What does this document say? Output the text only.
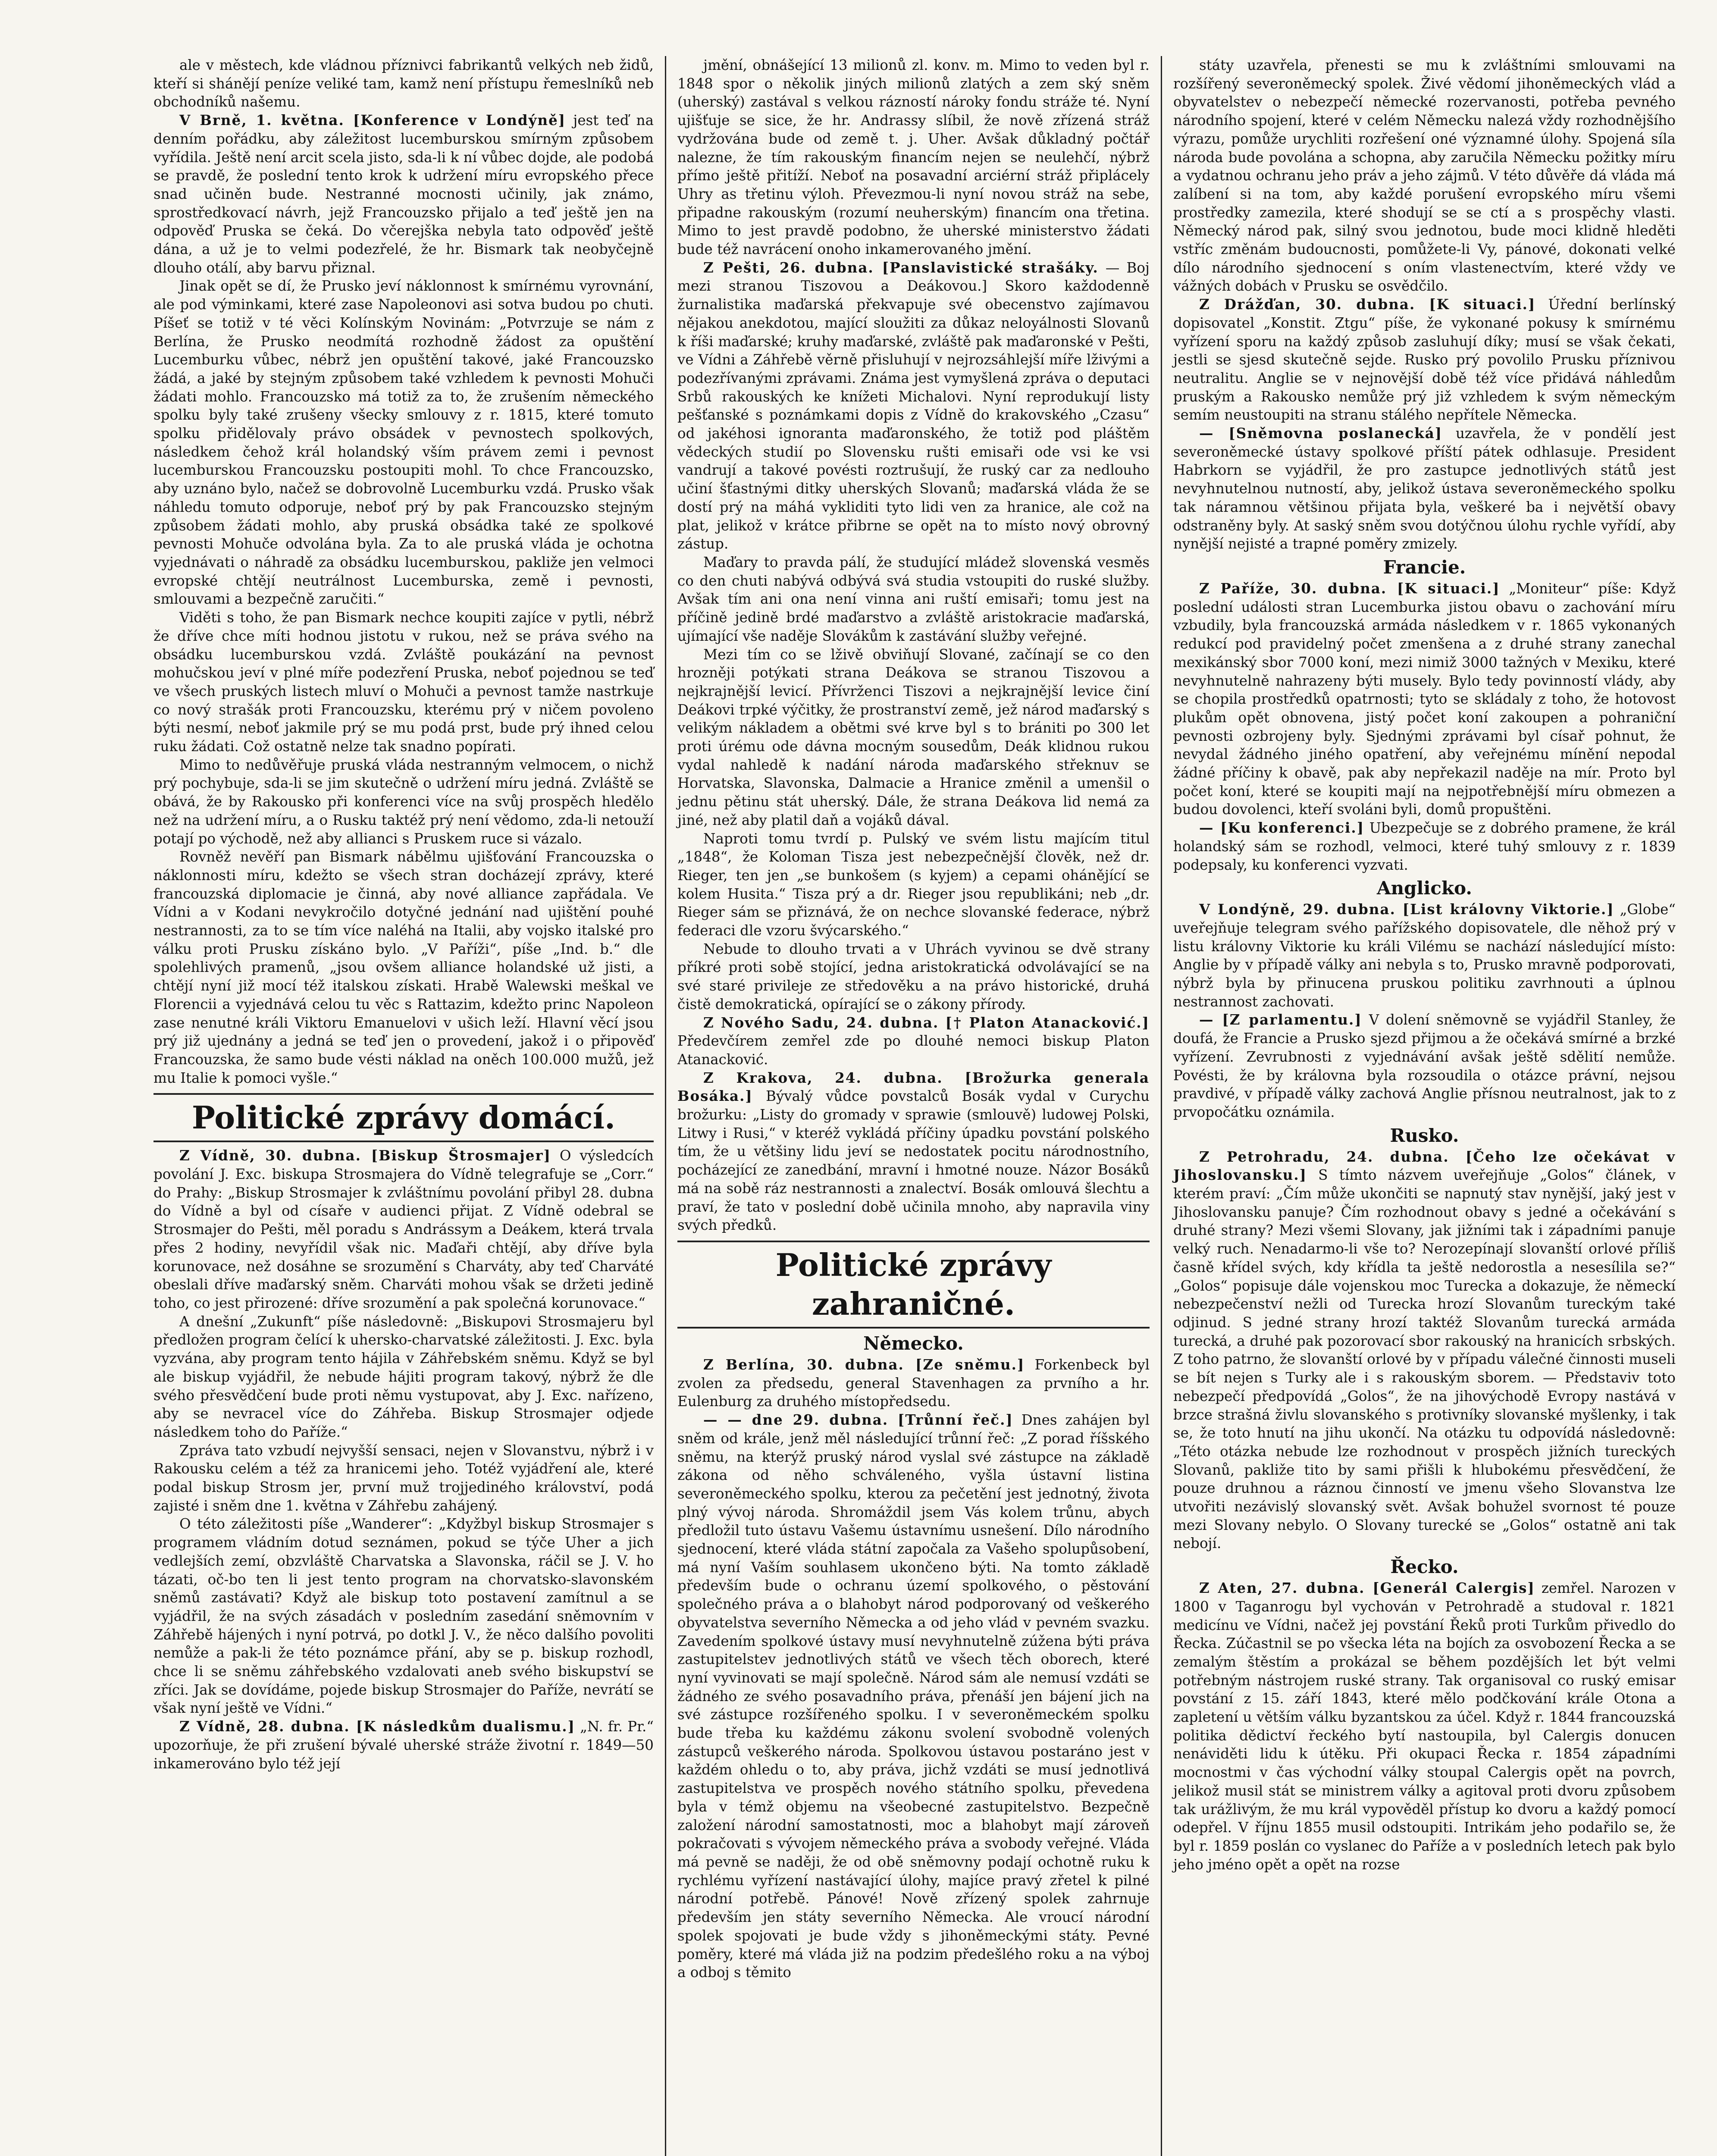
ale v městech, kde vládnou příznivci fabrikantů velkých neb židů, kteří si shánějí peníze veliké tam, kamž není přístupu řemeslníků neb obchodníků našemu.

V Brně, 1. května. [Konference v Londýně] jest teď na denním pořádku, aby záležitost lucemburskou smírným způsobem vyřídila. Ještě není arcit scela jisto, sda-li k ní vůbec dojde, ale podobá se pravdě, že poslední tento krok k udržení míru evropského přece snad učiněn bude. Nestranné mocnosti učinily, jak známo, sprostředkovací návrh, jejž Francouzsko přijalo a teď ještě jen na odpověď Pruska se čeká. Do včerejška nebyla tato odpověď ještě dána, a už je to velmi podezřelé, že hr. Bismark tak neobyčejně dlouho otálí, aby barvu přiznal.

Jinak opět se dí, že Prusko jeví náklonnost k smírnému vyrovnání, ale pod výminkami, které zase Napoleonovi asi sotva budou po chuti. Píšeť se totiž v té věci Kolínským Novinám: „Potvrzuje se nám z Berlína, že Prusko neodmítá rozhodně žádost za opuštění Lucemburku vůbec, nébrž jen opuštění takové, jaké Francouzsko žádá, a jaké by stejným způsobem také vzhledem k pevnosti Mohuči žádati mohlo. Francouzsko má totiž za to, že zrušením německého spolku byly také zrušeny všecky smlouvy z r. 1815, které tomuto spolku přidělovaly právo obsádek v pevnostech spolkových, následkem čehož král holandský vším právem zemi i pevnost lucemburskou Francouzsku postoupiti mohl. To chce Francouzsko, aby uznáno bylo, načež se dobrovolně Lucemburku vzdá. Prusko však náhledu tomuto odporuje, neboť prý by pak Francouzsko stejným způsobem žádati mohlo, aby pruská obsádka také ze spolkové pevnosti Mohuče odvolána byla. Za to ale pruská vláda je ochotna vyjednávati o náhradě za obsádku lucemburskou, pakliže jen velmoci evropské chtějí neutrálnost Lucemburska, země i pevnosti, smlouvami a bezpečně zaručiti.“

Viděti s toho, že pan Bismark nechce koupiti zajíce v pytli, nébrž že dříve chce míti hodnou jistotu v rukou, než se práva svého na obsádku lucemburskou vzdá. Zvláště poukázání na pevnost mohučskou jeví v plné míře podezření Pruska, neboť pojednou se teď ve všech pruských listech mluví o Mohuči a pevnost tamže nastrkuje co nový strašák proti Francouzsku, kterému prý v ničem povoleno býti nesmí, neboť jakmile prý se mu podá prst, bude prý ihned celou ruku žádati. Což ostatně nelze tak snadno popírati.

Mimo to nedůvěřuje pruská vláda nestranným velmocem, o nichž prý pochybuje, sda-li se jim skutečně o udržení míru jedná. Zvláště se obává, že by Rakousko při konferenci více na svůj prospěch hledělo než na udržení míru, a o Rusku taktéž prý není vědomo, zda-li netouží potají po východě, než aby allianci s Pruskem ruce si vázalo.

Rovněž nevěří pan Bismark nábělmu ujišťování Francouzska o náklonnosti míru, kdežto se všech stran docházejí zprávy, které francouzská diplomacie je činná, aby nové alliance zapřádala. Ve Vídni a v Kodani nevykročilo dotyčné jednání nad ujištění pouhé nestrannosti, za to se tím více naléhá na Italii, aby vojsko italské pro válku proti Prusku získáno bylo. „V Paříži“, píše „Ind. b.“ dle spolehlivých pramenů, „jsou ovšem alliance holandské už jisti, a chtějí nyní již mocí též italskou získati. Hrabě Walewski meškal ve Florencii a vyjednává celou tu věc s Rattazim, kdežto princ Napoleon zase nenutné králi Viktoru Emanuelovi v ušich leží. Hlavní věcí jsou prý již ujednány a jedná se teď jen o provedení, jakož i o připověď Francouzska, že samo bude vésti náklad na oněch 100.000 mužů, jež mu Italie k pomoci vyšle.“

Politické zprávy domácí.

Z Vídně, 30. dubna. [Biskup Štrosmajer] O výsledcích povolání J. Exc. biskupa Strosmajera do Vídně telegrafuje se „Corr.“ do Prahy: „Biskup Strosmajer k zvláštnímu povolání přibyl 28. dubna do Vídně a byl od císaře v audienci přijat. Z Vídně odebral se Strosmajer do Pešti, měl poradu s Andrássym a Deákem, která trvala přes 2 hodiny, nevyřídil však nic. Maďaři chtějí, aby dříve byla korunovace, než dosáhne se srozumění s Charváty, aby teď Charváté obeslali dříve maďarský sněm. Charváti mohou však se držeti jedině toho, co jest přirozené: dříve srozumění a pak společná korunovace.“

A dnešní „Zukunft“ píše následovně: „Biskupovi Strosmajeru byl předložen program čelící k uhersko-charvatské záležitosti. J. Exc. byla vyzvána, aby program tento hájila v Záhřebském sněmu. Když se byl ale biskup vyjádřil, že nebude hájiti program takový, nýbrž že dle svého přesvědčení bude proti němu vystupovat, aby J. Exc. nařízeno, aby se nevracel více do Záhřeba. Biskup Strosmajer odjede následkem toho do Paříže.“

Zpráva tato vzbudí nejvyšší sensaci, nejen v Slovanstvu, nýbrž i v Rakousku celém a též za hranicemi jeho. Totéž vyjádření ale, které podal biskup Strosm jer, první muž trojjediného království, podá zajisté i sněm dne 1. května v Záhřebu zahájený.

O této záležitosti píše „Wanderer“: „Kdyžbyl biskup Strosmajer s programem vládním dotud seznámen, pokud se týče Uher a jich vedlejších zemí, obzvláště Charvatska a Slavonska, ráčil se J. V. ho tázati, oč-bo ten li jest tento program na chorvatsko-slavonském sněmů zastávati? Když ale biskup toto postavení zamítnul a se vyjádřil, že na svých zásadách v posledním zasedání sněmovním v Záhřebě hájených i nyní potrvá, po dotkl J. V., že něco dalšího povoliti nemůže a pak-li že této poznámce přání, aby se p. biskup rozhodl, chce li se sněmu záhřebského vzdalovati aneb svého biskupství se zříci. Jak se dovídáme, pojede biskup Strosmajer do Paříže, nevrátí se však nyní ještě ve Vídni.“

Z Vídně, 28. dubna. [K následkům dualismu.] „N. fr. Pr.“ upozorňuje, že při zrušení bývalé uherské stráže životní r. 1849—50 inkamerováno bylo též její

jmění, obnášející 13 milionů zl. konv. m. Mimo to veden byl r. 1848 spor o několik jiných milionů zlatých a zem ský sněm (uherský) zastával s velkou rázností nároky fondu stráže té. Nyní ujišťuje se sice, že hr. Andrassy slíbil, že nově zřízená stráž vydržována bude od země t. j. Uher. Avšak důkladný počtář nalezne, že tím rakouským financím nejen se neulehčí, nýbrž přímo ještě přitíží. Neboť na posavadní arciérní stráž připlácely Uhry as třetinu výloh. Převezmou-li nyní novou stráž na sebe, připadne rakouským (rozumí neuherským) financím ona třetina. Mimo to jest pravdě podobno, že uherské ministerstvo žádati bude též navrácení onoho inkamerovaného jmění.

Z Pešti, 26. dubna. [Panslavistické strašáky. — Boj mezi stranou Tiszovou a Deákovou.] Skoro každodenně žurnalistika maďarská překvapuje své obecenstvo zajímavou nějakou anekdotou, mající sloužiti za důkaz neloyálnosti Slovanů k říši maďarské; kruhy maďarské, zvláště pak maďaronské v Pešti, ve Vídni a Záhřebě věrně přisluhují v nejrozsáhlejší míře lživými a podezřívanými zprávami. Známa jest vymyšlená zpráva o deputaci Srbů rakouských ke knížeti Michalovi. Nyní reprodukují listy pešťanské s poznámkami dopis z Vídně do krakovského „Czasu“ od jakéhosi ignoranta maďaronského, že totiž pod pláštěm vědeckých studií po Slovensku rušti emisaři ode vsi ke vsi vandrují a takové povésti roztrušují, že ruský car za nedlouho učiní šťastnými ditky uherských Slovanů; maďarská vláda že se dostí prý na máhá vykliditi tyto lidi ven za hranice, ale což na plat, jelikož v krátce přibrne se opět na to místo nový obrovný zástup.

Maďary to pravda pálí, že studující mládež slovenská vesměs co den chuti nabývá odbývá svá studia vstoupiti do ruské služby. Avšak tím ani ona není vinna ani ruští emisaři; tomu jest na příčině jedině brdé maďarstvo a zvláště aristokracie maďarská, ujímající vše naděje Slovákům k zastávání služby veřejné.

Mezi tím co se lživě obviňují Slované, začínají se co den hrozněji potýkati strana Deákova se stranou Tiszovou a nejkrajnější levicí. Přívrženci Tiszovi a nejkrajnější levice činí Deákovi trpké výčitky, že prostranství země, jež národ maďarský s velikým nákladem a obětmi své krve byl s to brániti po 300 let proti úrému ode dávna mocným sousedům, Deák klidnou rukou vydal nahledě k nadání národa maďarského střeknuv se Horvatska, Slavonska, Dalmacie a Hranice změnil a umenšil o jednu pětinu stát uherský. Dále, že strana Deákova lid nemá za jiné, než aby platil daň a vojáků dával.

Naproti tomu tvrdí p. Pulský ve svém listu majícím titul „1848“, že Koloman Tisza jest nebezpečnější člověk, než dr. Rieger, ten jen „se bunkošem (s kyjem) a cepami ohánějící se kolem Husita.“ Tisza prý a dr. Rieger jsou republikáni; neb „dr. Rieger sám se přiznává, že on nechce slovanské federace, nýbrž federaci dle vzoru švýcarského.“

Nebude to dlouho trvati a v Uhrách vyvinou se dvě strany příkré proti sobě stojící, jedna aristokratická odvolávající se na své staré privileje ze středověku a na právo historické, druhá čistě demokratická, opírající se o zákony přírody.

Z Nového Sadu, 24. dubna. [† Platon Atanacković.] Předevčírem zemřel zde po dlouhé nemoci biskup Platon Atanacković.

Z Krakova, 24. dubna. [Brožurka generala Bosáka.] Bývalý vůdce povstalců Bosák vydal v Curychu brožurku: „Listy do gromady v sprawie (smlouvě) ludowej Polski, Litwy i Rusi,“ v kteréž vykládá příčiny úpadku povstání polského tím, že u většiny lidu jeví se nedostatek pocitu národnostního, pocházející ze zanedbání, mravní i hmotné nouze. Názor Bosáků má na sobě ráz nestrannosti a znalectví. Bosák omlouvá šlechtu a praví, že tato v poslední době učinila mnoho, aby napravila viny svých předků.

Politické zprávy zahraničné.
Německo.

Z Berlína, 30. dubna. [Ze sněmu.] Forkenbeck byl zvolen za předsedu, general Stavenhagen za prvního a hr. Eulenburg za druhého místopředsedu.

— — dne 29. dubna. [Trůnní řeč.] Dnes zahájen byl sněm od krále, jenž měl následující trůnní řeč: „Z porad říšského sněmu, na kterýž pruský národ vyslal své zástupce na základě zákona od něho schváleného, vyšla ústavní listina severoněmeckého spolku, kterou za pečetění jest jednotný, života plný vývoj národa. Shromáždil jsem Vás kolem trůnu, abych předložil tuto ústavu Vašemu ústavnímu usnešení. Dílo národního sjednocení, které vláda státní započala za Vašeho spolupůsobení, má nyní Vaším souhlasem ukončeno býti. Na tomto základě především bude o ochranu území spolkového, o pěstování společného práva a o blahobyt národ podporovaný od veškerého obyvatelstva severního Německa a od jeho vlád v pevném svazku. Zavedením spolkové ústavy musí nevyhnutelně zúžena býti práva zastupitelstev jednotlivých států ve všech těch oborech, které nyní vyvinovati se mají společně. Národ sám ale nemusí vzdáti se žádného ze svého posavadního práva, přenáší jen bájení jich na své zástupce rozšířeného spolku. I v severoněmeckém spolku bude třeba ku každému zákonu svolení svobodně volených zástupců veškerého národa. Spolkovou ústavou postaráno jest v každém ohledu o to, aby práva, jichž vzdáti se musí jednotlivá zastupitelstva ve prospěch nového státního spolku, převedena byla v témž objemu na všeobecné zastupitelstvo. Bezpečně založení národní samostatnosti, moc a blahobyt mají zároveň pokračovati s vývojem německého práva a svobody veřejné. Vláda má pevně se naději, že od obě sněmovny podají ochotně ruku k rychlému vyřízení nastávající úlohy, majíce pravý zřetel k pilné národní potřebě. Pánové! Nově zřízený spolek zahrnuje především jen státy severního Německa. Ale vroucí národní spolek spojovati je bude vždy s jihoněmeckými státy. Pevné poměry, které má vláda již na podzim předešlého roku a na výboj a odboj s těmito

státy uzavřela, přenesti se mu k zvláštními smlouvami na rozšířený severoněmecký spolek. Živé vědomí jihoněmeckých vlád a obyvatelstev o nebezpečí německé rozervanosti, potřeba pevného národního spojení, které v celém Německu nalezá vždy rozhodnějšího výrazu, pomůže urychliti rozřešení oné významné úlohy. Spojená síla národa bude povolána a schopna, aby zaručila Německu požitky míru a vydatnou ochranu jeho práv a jeho zájmů. V této důvěře dá vláda má zalíbení si na tom, aby každé porušení evropského míru všemi prostředky zamezila, které shodují se se ctí a s prospěchy vlasti. Německý národ pak, silný svou jednotou, bude moci klidně hleděti vstříc změnám budoucnosti, pomůžete-li Vy, pánové, dokonati velké dílo národního sjednocení s oním vlastenectvím, které vždy ve vážných dobách v Prusku se osvědčilo.

Z Drážďan, 30. dubna. [K situaci.] Úřední berlínský dopisovatel „Konstit. Ztgu“ píše, že vykonané pokusy k smírnému vyřízení sporu na každý způsob zasluhují díky; musí se však čekati, jestli se sjesd skutečně sejde. Rusko prý povolilo Prusku příznivou neutralitu. Anglie se v nejnovější době též více přidává náhledům pruským a Rakousko nemůže prý již vzhledem k svým německým semím neustoupiti na stranu stálého nepřítele Německa.

— [Sněmovna poslanecká] uzavřela, že v pondělí jest severoněmecké ústavy spolkové příští pátek odhlasuje. President Habrkorn se vyjádřil, že pro zastupce jednotlivých států jest nevyhnutelnou nutností, aby, jelikož ústava severoněmeckého spolku tak náramnou většinou přijata byla, veškeré ba i největší obavy odstraněny byly. At saský sněm svou dotýčnou úlohu rychle vyřídí, aby nynější nejisté a trapné poměry zmizely.

Francie.

Z Paříže, 30. dubna. [K situaci.] „Moniteur“ píše: Když poslední události stran Lucemburka jistou obavu o zachování míru vzbudily, byla francouzská armáda následkem v r. 1865 vykonaných redukcí pod pravidelný počet zmenšena a z druhé strany zanechal mexikánský sbor 7000 koní, mezi nimiž 3000 tažných v Mexiku, které nevyhnutelně nahrazeny býti musely. Bylo tedy povinností vlády, aby se chopila prostředků opatrnosti; tyto se skládaly z toho, že hotovost plukům opět obnovena, jistý počet koní zakoupen a pohraniční pevnosti ozbrojeny byly. Sjednými zprávami byl císař pohnut, že nevydal žádného jiného opatření, aby veřejnému mínění nepodal žádné příčiny k obavě, pak aby nepřekazil naděje na mír. Proto byl počet koní, které se koupiti mají na nejpotřebnější míru obmezen a budou dovolenci, kteří svoláni byli, domů propuštěni.

— [Ku konferenci.] Ubezpečuje se z dobrého pramene, že král holandský sám se rozhodl, velmoci, které tuhý smlouvy z r. 1839 podepsaly, ku konferenci vyzvati.

Anglicko.

V Londýně, 29. dubna. [List královny Viktorie.] „Globe“ uveřejňuje telegram svého pařížského dopisovatele, dle něhož prý v listu královny Viktorie ku králi Vilému se nachází následující místo: Anglie by v případě války ani nebyla s to, Prusko mravně podporovati, nýbrž byla by přinucena pruskou politiku zavrhnouti a úplnou nestrannost zachovati.

— [Z parlamentu.] V dolení sněmovně se vyjádřil Stanley, že doufá, že Francie a Prusko sjezd přijmou a že očekává smírné a brzké vyřízení. Zevrubnosti z vyjednávání avšak ještě sdělití nemůže. Povésti, že by královna byla rozsoudila o otázce právní, nejsou pravdivé, v případě války zachová Anglie přísnou neutralnost, jak to z prvopočátku oznámila.

Rusko.

Z Petrohradu, 24. dubna. [Čeho lze očekávat v Jihoslovansku.] S tímto názvem uveřejňuje „Golos“ článek, v kterém praví: „Čím může ukončiti se napnutý stav nynější, jaký jest v Jihoslovansku panuje? Čím rozhodnout obavy s jedné a očekávání s druhé strany? Mezi všemi Slovany, jak jižními tak i západními panuje velký ruch. Nenadarmo-li vše to? Nerozepínají slovanští orlové příliš časně křídel svých, kdy křídla ta ještě nedorostla a nesesílila se?“ „Golos“ popisuje dále vojenskou moc Turecka a dokazuje, že německí nebezpečenství nežli od Turecka hrozí Slovanům tureckým také odjinud. S jedné strany hrozí taktéž Slovanům turecká armáda turecká, a druhé pak pozorovací sbor rakouský na hranicích srbských. Z toho patrno, že slovanští orlové by v případu válečné činnosti museli se bít nejen s Turky ale i s rakouským sborem. — Představiv toto nebezpečí předpovídá „Golos“, že na jihovýchodě Evropy nastává v brzce strašná živlu slovanského s protivníky slovanské myšlenky, i tak se, že toto hnutí na jihu ukončí. Na otázku tu odpovídá následovně: „Této otázka nebude lze rozhodnout v prospěch jižních tureckých Slovanů, pakliže tito by sami přišli k hlubokému přesvědčení, že pouze druhnou a ráznou činností ve jmenu všeho Slovanstva lze utvořiti nezávislý slovanský svět. Avšak bohužel svornost té pouze mezi Slovany nebylo. O Slovany turecké se „Golos“ ostatně ani tak nebojí.

Řecko.

Z Aten, 27. dubna. [Generál Calergis] zemřel. Narozen v 1800 v Taganrogu byl vychován v Petrohradě a studoval r. 1821 medicínu ve Vídni, načež jej povstání Řeků proti Turkům přivedlo do Řecka. Zúčastnil se po všecka léta na bojích za osvobození Řecka a se zemalým štěstím a prokázal se během pozdějších let být velmi potřebným nástrojem ruské strany. Tak organisoval co ruský emisar povstání z 15. září 1843, které mělo podčkování krále Otona a zapletení u větším válku byzantskou za účel. Když r. 1844 francouzská politika dědictví řeckého bytí nastoupila, byl Calergis donucen nenáviděti lidu k útěku. Při okupaci Řecka r. 1854 západními mocnostmi v čas východní války stoupal Calergis opět na povrch, jelikož musil stát se ministrem války a agitoval proti dvoru způsobem tak urážlivým, že mu král vypověděl přístup ko dvoru a každý pomocí odepřel. V říjnu 1855 musil odstoupiti. Intrikám jeho podařilo se, že byl r. 1859 poslán co vyslanec do Paříže a v posledních letech pak bylo jeho jméno opět a opět na rozse
